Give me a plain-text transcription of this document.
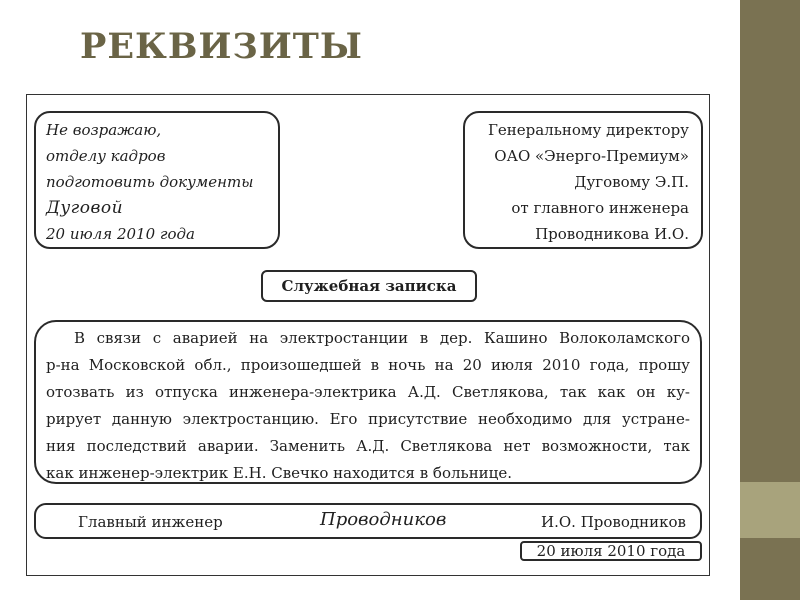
РЕКВИЗИТЫ
Не возражаю,
отделу кадров
подготовить документы
Дуговой
20 июля 2010 года
Генеральному директору
ОАО «Энерго-Премиум»
Дуговому Э.П.
от главного инженера
Проводникова И.О.
Служебная записка
В связи с аварией на электростанции в дер. Кашино Волоколамского
р-на Московской обл., произошедшей в ночь на 20 июля 2010 года, прошу
отозвать из отпуска инженера-электрика А.Д. Светлякова, так как он ку-
рирует данную электростанцию. Его присутствие необходимо для устране-
ния последствий аварии. Заменить А.Д. Светлякова нет возможности, так
как инженер-электрик Е.Н. Свечко находится в больнице.
Главный инженер	Проводников	И.О. Проводников
20 июля 2010 года
